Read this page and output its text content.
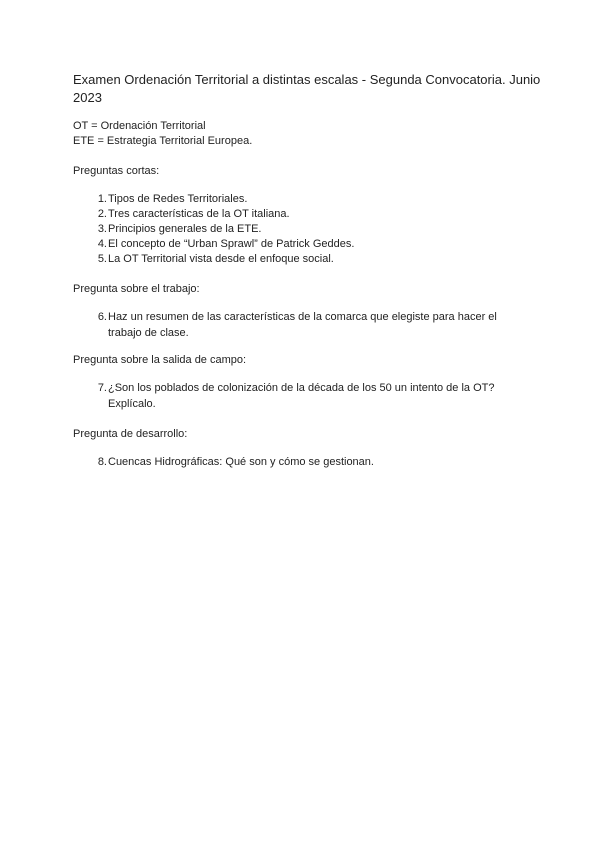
Examen Ordenación Territorial a distintas escalas - Segunda Convocatoria. Junio 2023
OT = Ordenación Territorial
ETE = Estrategia Territorial Europea.
Preguntas cortas:
1. Tipos de Redes Territoriales.
2. Tres características de la OT italiana.
3. Principios generales de la ETE.
4. El concepto de “Urban Sprawl” de Patrick Geddes.
5. La OT Territorial vista desde el enfoque social.
Pregunta sobre el trabajo:
6. Haz un resumen de las características de la comarca que elegiste para hacer el trabajo de clase.
Pregunta sobre la salida de campo:
7. ¿Son los poblados de colonización de la década de los 50 un intento de la OT? Explícalo.
Pregunta de desarrollo:
8. Cuencas Hidrográficas: Qué son y cómo se gestionan.
